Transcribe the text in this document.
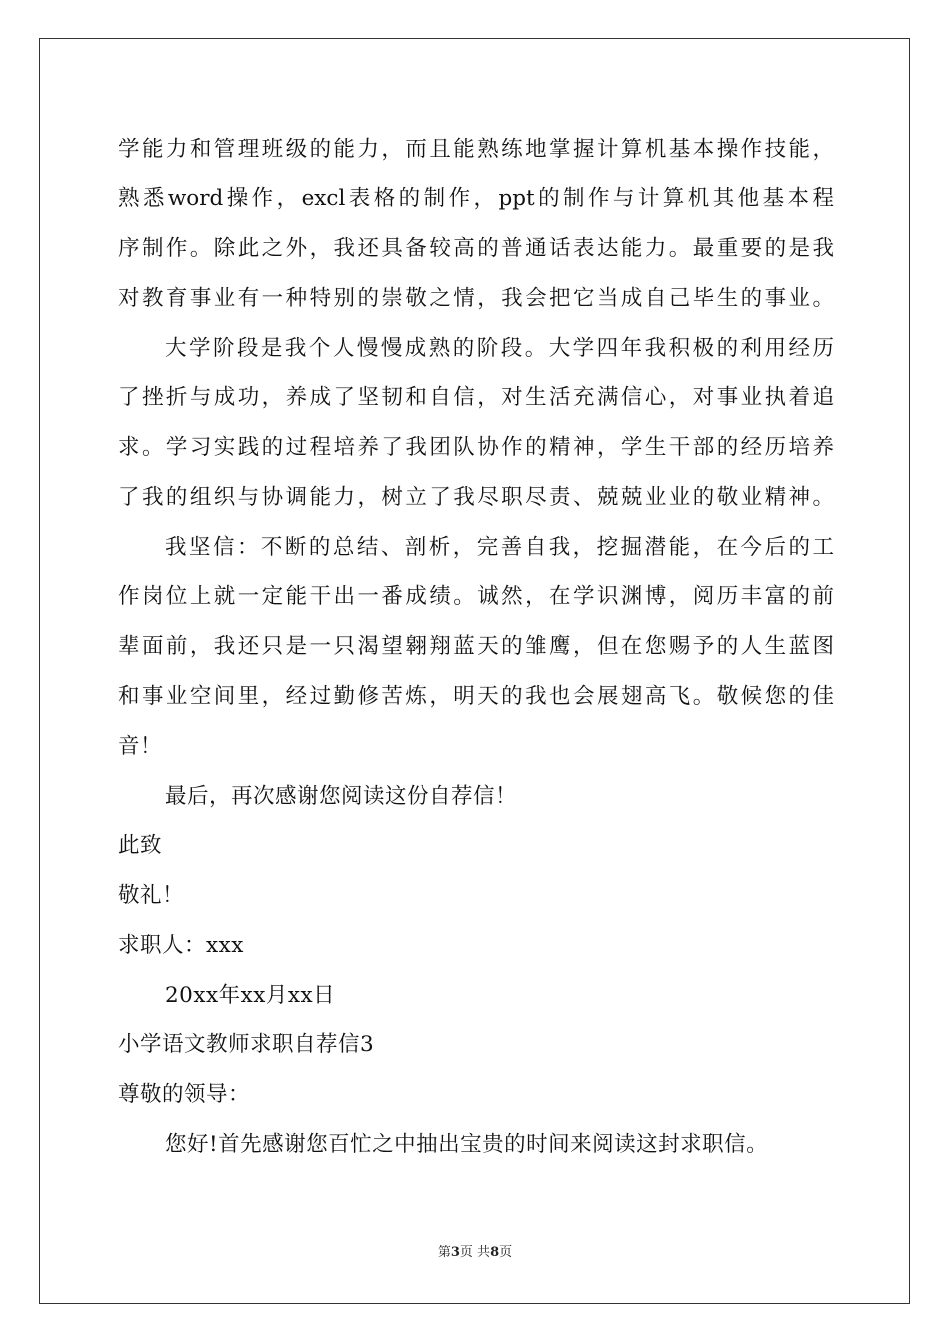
学能力和管理班级的能力，而且能熟练地掌握计算机基本操作技能，
熟悉word操作，excl表格的制作，ppt的制作与计算机其他基本程
序制作。除此之外，我还具备较高的普通话表达能力。最重要的是我
对教育事业有一种特别的崇敬之情，我会把它当成自己毕生的事业。
大学阶段是我个人慢慢成熟的阶段。大学四年我积极的利用经历
了挫折与成功，养成了坚韧和自信，对生活充满信心，对事业执着追
求。学习实践的过程培养了我团队协作的精神，学生干部的经历培养
了我的组织与协调能力，树立了我尽职尽责、兢兢业业的敬业精神。
我坚信：不断的总结、剖析，完善自我，挖掘潜能，在今后的工
作岗位上就一定能干出一番成绩。诚然，在学识渊博，阅历丰富的前
辈面前，我还只是一只渴望翱翔蓝天的雏鹰，但在您赐予的人生蓝图
和事业空间里，经过勤修苦炼，明天的我也会展翅高飞。敬候您的佳
音！
最后，再次感谢您阅读这份自荐信！
此致
敬礼！
求职人：xxx
20xx年xx月xx日
小学语文教师求职自荐信3
尊敬的领导：
您好!首先感谢您百忙之中抽出宝贵的时间来阅读这封求职信。
第3页 共8页
